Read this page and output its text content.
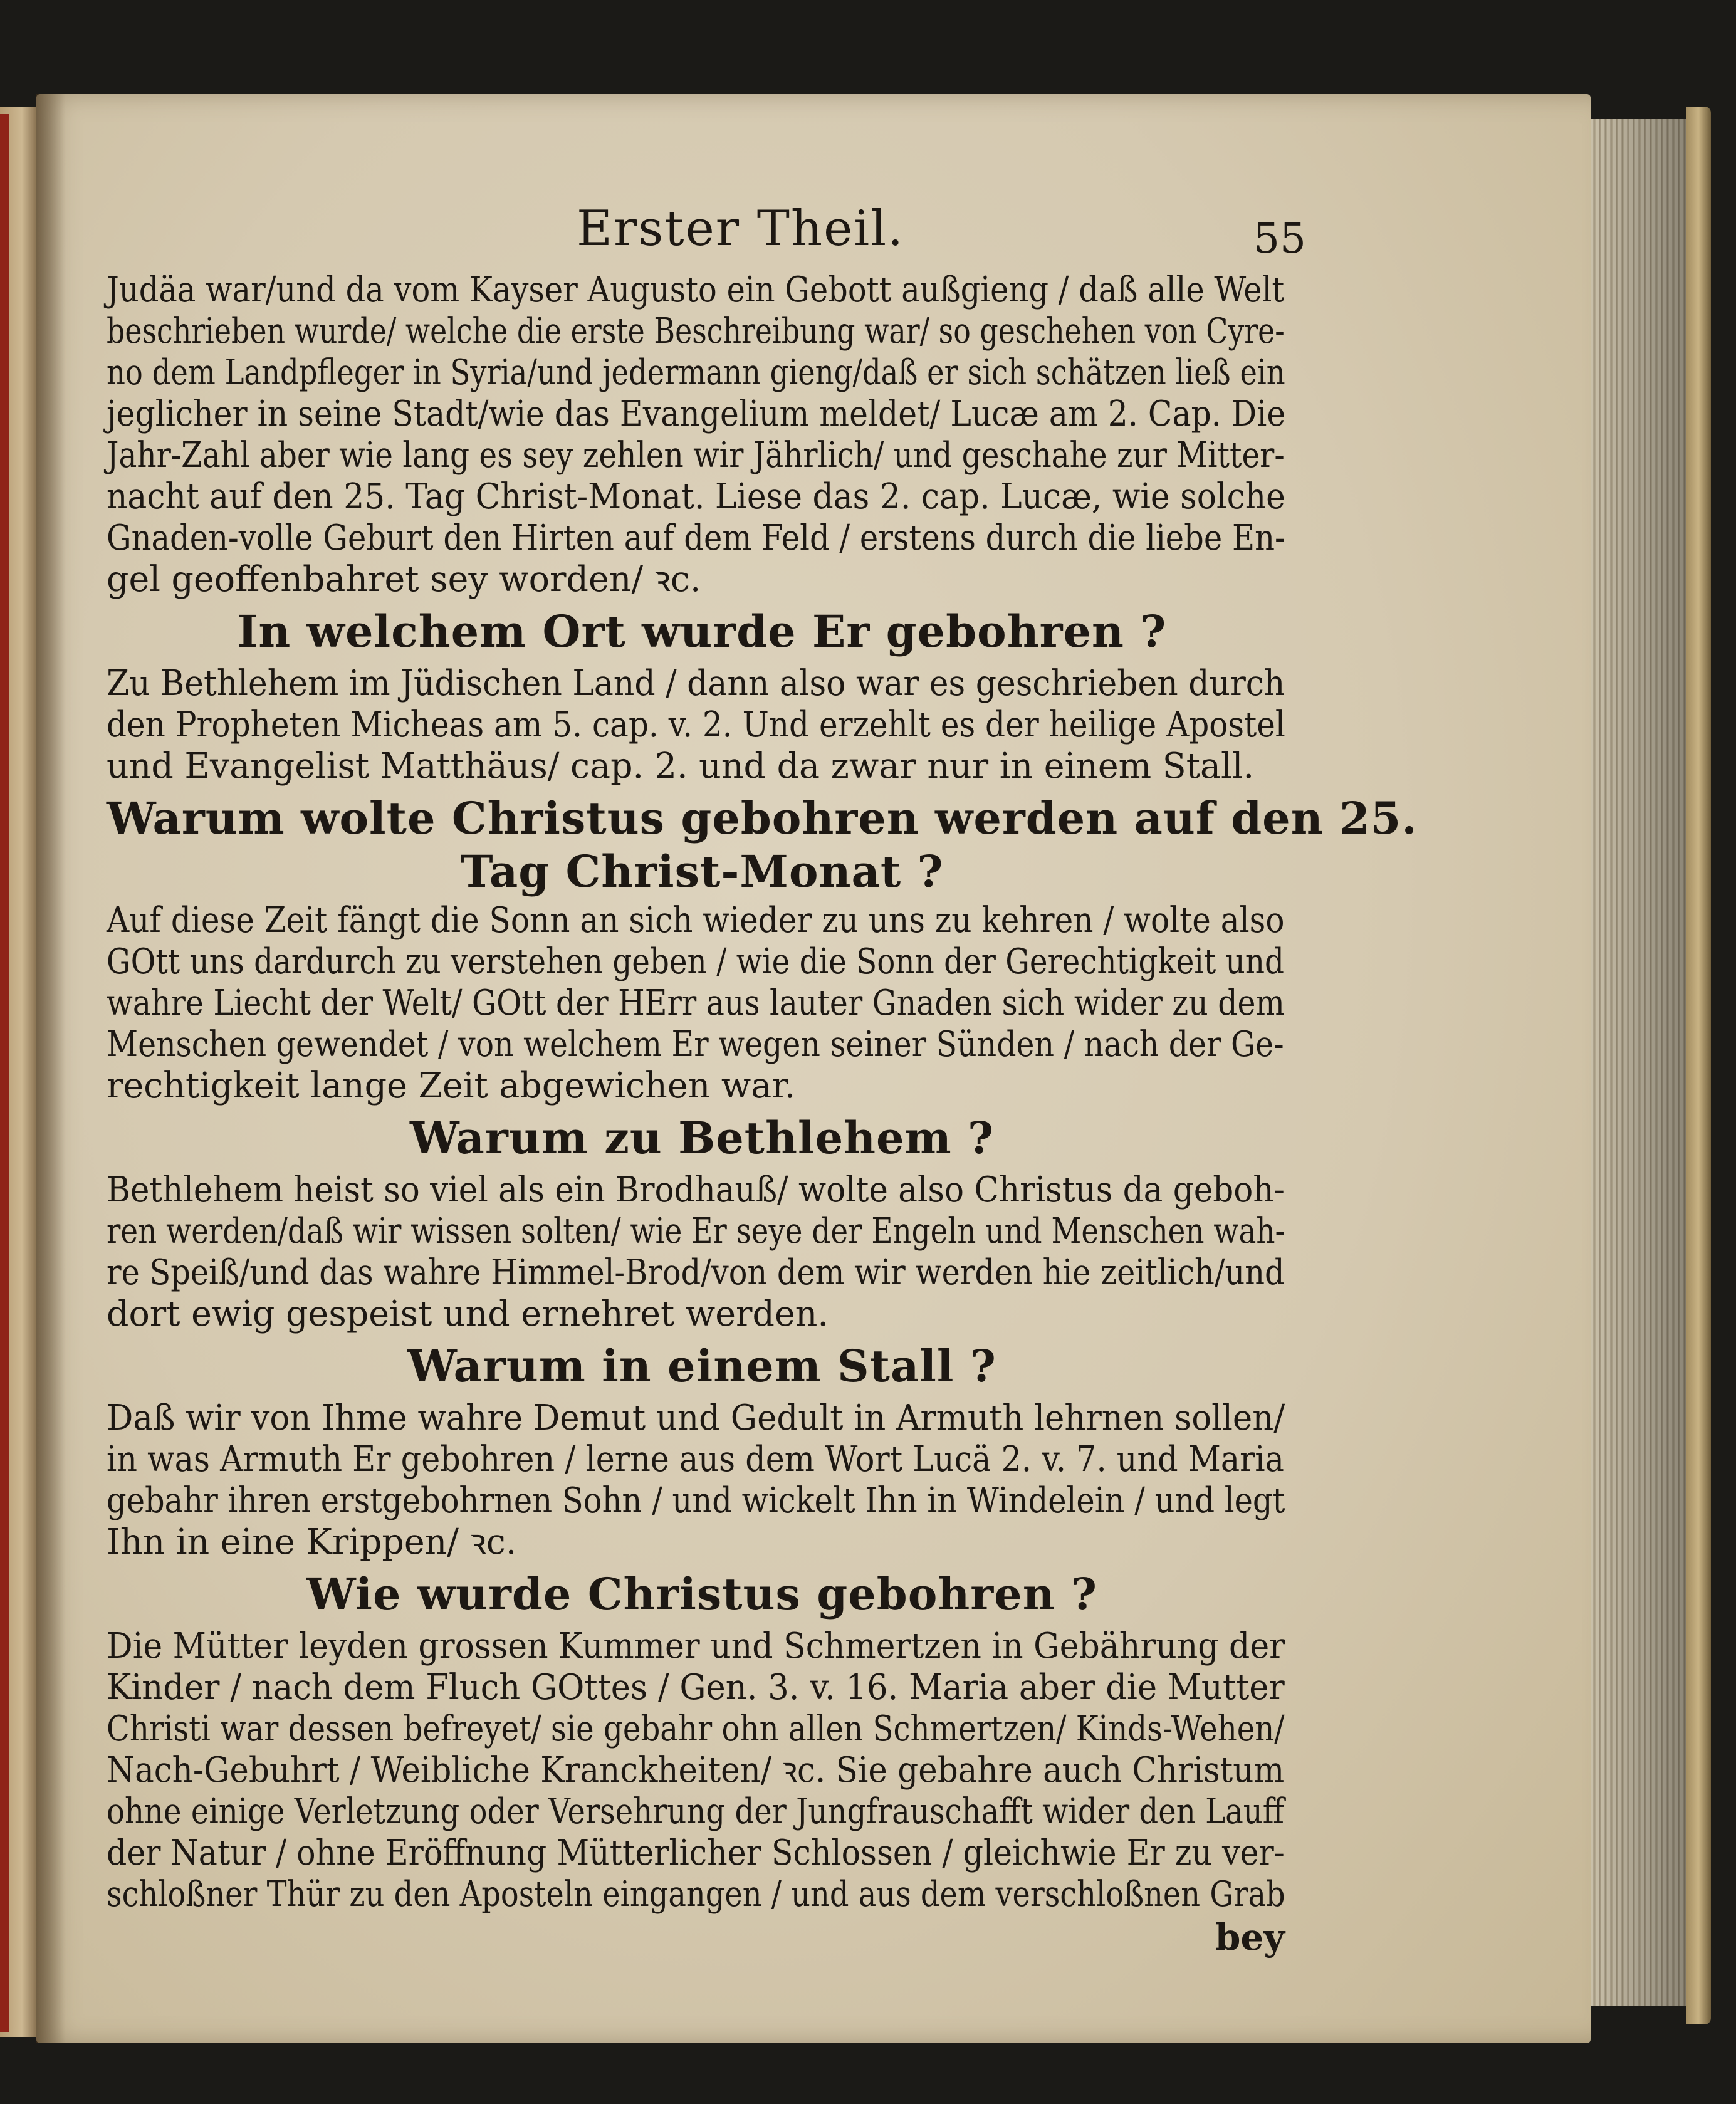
Erster Theil.	55
Judäa war/und da vom Kayser Augusto ein Gebott außgieng / daß alle Welt
beschrieben wurde/ welche die erste Beschreibung war/ so geschehen von Cyre-
no dem Landpfleger in Syria/und jedermann gieng/daß er sich schätzen ließ ein
jeglicher in seine Stadt/wie das Evangelium meldet/ Lucæ am 2. Cap. Die
Jahr-Zahl aber wie lang es sey zehlen wir Jährlich/ und geschahe zur Mitter-
nacht auf den 25. Tag Christ-Monat. Liese das 2. cap. Lucæ, wie solche
Gnaden-volle Geburt den Hirten auf dem Feld / erstens durch die liebe En-
gel geoffenbahret sey worden/ ꝛc.
In welchem Ort wurde Er gebohren ?
Zu Bethlehem im Jüdischen Land / dann also war es geschrieben durch
den Propheten Micheas am 5. cap. v. 2. Und erzehlt es der heilige Apostel
und Evangelist Matthäus/ cap. 2. und da zwar nur in einem Stall.
Warum wolte Christus gebohren werden auf den 25.
Tag Christ-Monat ?
Auf diese Zeit fängt die Sonn an sich wieder zu uns zu kehren / wolte also
GOtt uns dardurch zu verstehen geben / wie die Sonn der Gerechtigkeit und
wahre Liecht der Welt/ GOtt der HErr aus lauter Gnaden sich wider zu dem
Menschen gewendet / von welchem Er wegen seiner Sünden / nach der Ge-
rechtigkeit lange Zeit abgewichen war.
Warum zu Bethlehem ?
Bethlehem heist so viel als ein Brodhauß/ wolte also Christus da geboh-
ren werden/daß wir wissen solten/ wie Er seye der Engeln und Menschen wah-
re Speiß/und das wahre Himmel-Brod/von dem wir werden hie zeitlich/und
dort ewig gespeist und ernehret werden.
Warum in einem Stall ?
Daß wir von Ihme wahre Demut und Gedult in Armuth lehrnen sollen/
in was Armuth Er gebohren / lerne aus dem Wort Lucä 2. v. 7. und Maria
gebahr ihren erstgebohrnen Sohn / und wickelt Ihn in Windelein / und legt
Ihn in eine Krippen/ ꝛc.
Wie wurde Christus gebohren ?
Die Mütter leyden grossen Kummer und Schmertzen in Gebährung der
Kinder / nach dem Fluch GOttes / Gen. 3. v. 16. Maria aber die Mutter
Christi war dessen befreyet/ sie gebahr ohn allen Schmertzen/ Kinds-Wehen/
Nach-Gebuhrt / Weibliche Kranckheiten/ ꝛc. Sie gebahre auch Christum
ohne einige Verletzung oder Versehrung der Jungfrauschafft wider den Lauff
der Natur / ohne Eröffnung Mütterlicher Schlossen / gleichwie Er zu ver-
schloßner Thür zu den Aposteln eingangen / und aus dem verschloßnen Grab
bey
